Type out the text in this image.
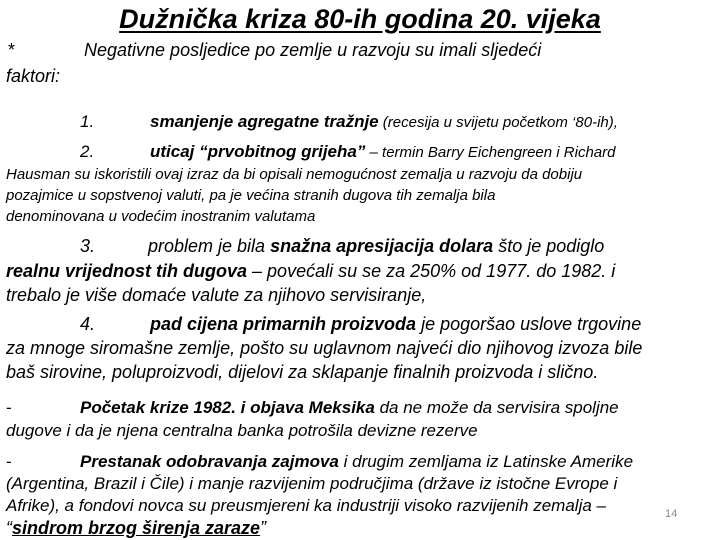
Dužnička kriza 80-ih godina 20. vijeka
*	Negativne posljedice po zemlje u razvoju su imali sljedeći
faktori:
1.	smanjenje agregatne tražnje (recesija u svijetu početkom ‘80-ih),
2.	uticaj “prvobitnog grijeha” – termin Barry Eichengreen i Richard
Hausman su iskoristili ovaj izraz da bi opisali nemogućnost zemalja u razvoju da dobiju
pozajmice u sopstvenoj valuti, pa je većina stranih dugova tih zemalja bila
denominovana u vodećim inostranim valutama
3.	problem je bila snažna apresijacija dolara što je podiglo
realnu vrijednost tih dugova – povećali su se za 250% od 1977. do 1982. i
trebalo je više domaće valute za njihovo servisiranje,
4.	pad cijena primarnih proizvoda je pogoršao uslove trgovine
za mnoge siromašne zemlje, pošto su uglavnom najveći dio njihovog izvoza bile
baš sirovine, poluproizvodi, dijelovi za sklapanje finalnih proizvoda i slično.
-	Početak krize 1982. i objava Meksika da ne može da servisira spoljne
dugove i da je njena centralna banka potrošila devizne rezerve
-	Prestanak odobravanja zajmova i drugim zemljama iz Latinske Amerike
(Argentina, Brazil i Čile) i manje razvijenim područjima (države iz istočne Evrope i
Afrike), a fondovi novca su preusmjereni ka industriji visoko razvijenih zemalja –
“sindrom brzog širenja zaraze”
14
